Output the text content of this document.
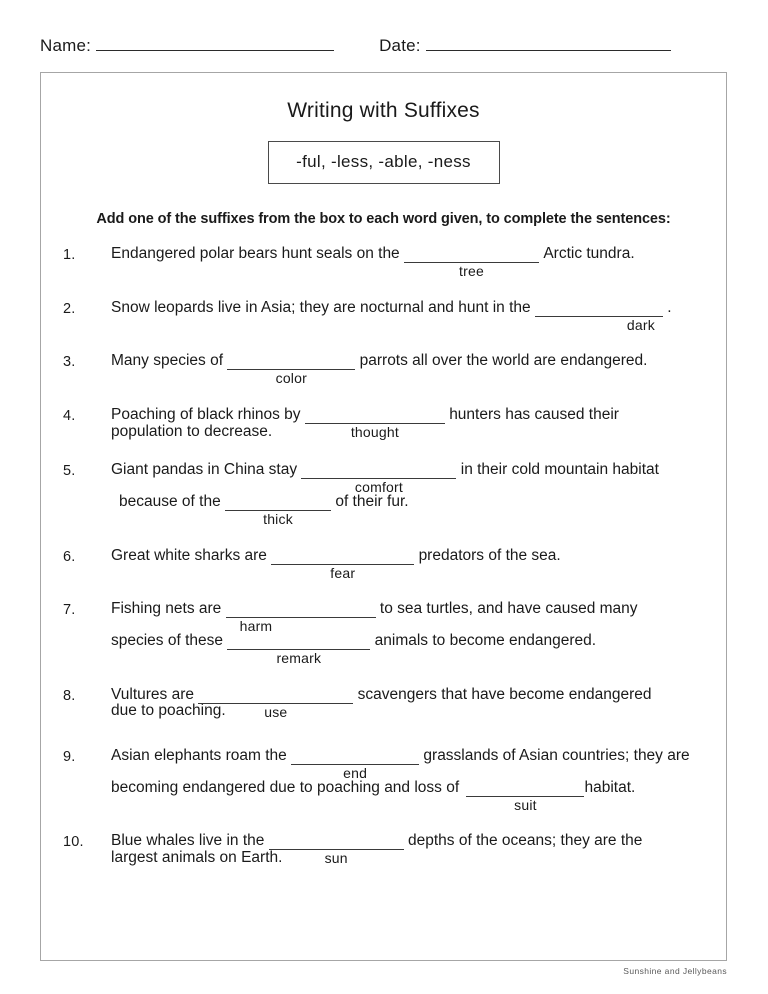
Name:	Date:
Writing with Suffixes
-ful, -less, -able, -ness
Add one of the suffixes from the box to each word given, to complete the sentences:
1.	Endangered polar bears hunt seals on the
tree
Arctic tundra.
2.	Snow leopards live in Asia; they are nocturnal and hunt in the
dark
.
3.	Many species of
color
parrots all over the world are endangered.
4.	Poaching of black rhinos by
thought
hunters has caused their
population to decrease.
5.	Giant pandas in China stay
comfort
in their cold mountain habitat
because of the
thick
of their fur.
6.	Great white sharks are
fear
predators of the sea.
7.	Fishing nets are
harm
to sea turtles, and have caused many
species of these
remark
animals to become endangered.
8.	Vultures are
use
scavengers that have become endangered
due to poaching.
9.	Asian elephants roam the
end
grasslands of Asian countries; they are
becoming endangered due to poaching and loss of
suit
habitat.
10.	Blue whales live in the
sun
depths of the oceans; they are the
largest animals on Earth.
Sunshine and Jellybeans
